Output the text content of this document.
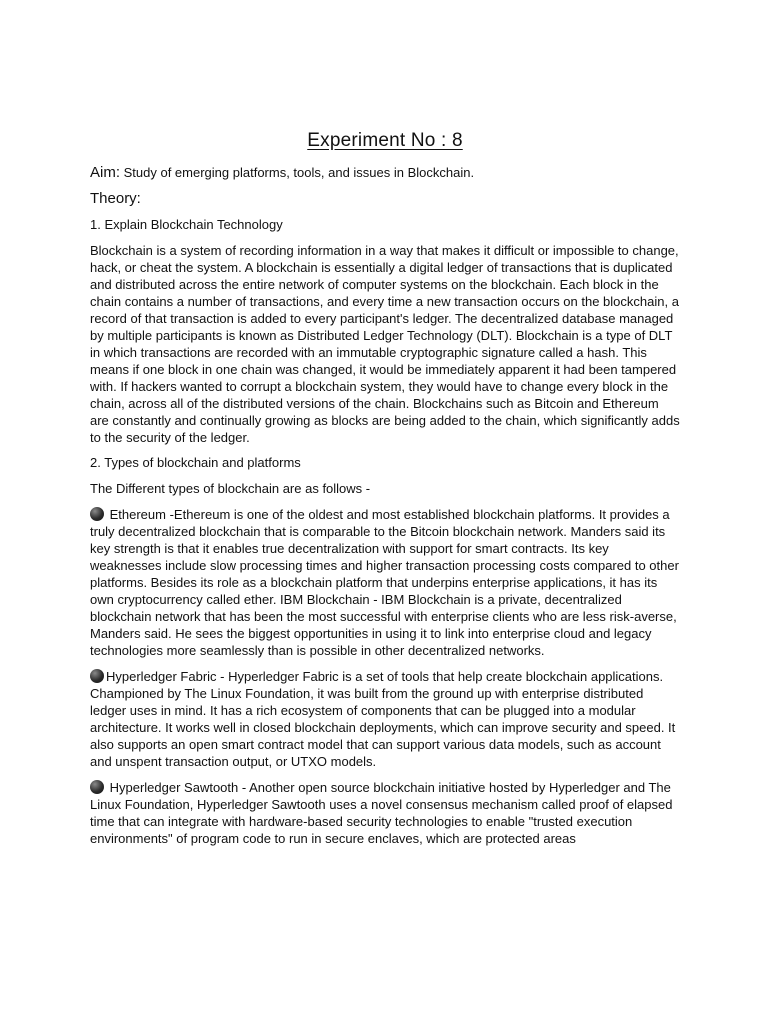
Experiment No : 8
Aim: Study of emerging platforms, tools, and issues in Blockchain.
Theory:
1. Explain Blockchain Technology

Blockchain is a system of recording information in a way that makes it difficult or impossible to change, hack, or cheat the system. A blockchain is essentially a digital ledger of transactions that is duplicated and distributed across the entire network of computer systems on the blockchain. Each block in the chain contains a number of transactions, and every time a new transaction occurs on the blockchain, a record of that transaction is added to every participant's ledger. The decentralized database managed by multiple participants is known as Distributed Ledger Technology (DLT). Blockchain is a type of DLT in which transactions are recorded with an immutable cryptographic signature called a hash. This means if one block in one chain was changed, it would be immediately apparent it had been tampered with. If hackers wanted to corrupt a blockchain system, they would have to change every block in the chain, across all of the distributed versions of the chain. Blockchains such as Bitcoin and Ethereum are constantly and continually growing as blocks are being added to the chain, which significantly adds to the security of the ledger.

2. Types of blockchain and platforms

The Different types of blockchain are as follows -

Ethereum -Ethereum is one of the oldest and most established blockchain platforms. It provides a truly decentralized blockchain that is comparable to the Bitcoin blockchain network. Manders said its key strength is that it enables true decentralization with support for smart contracts. Its key weaknesses include slow processing times and higher transaction processing costs compared to other platforms. Besides its role as a blockchain platform that underpins enterprise applications, it has its own cryptocurrency called ether. IBM Blockchain - IBM Blockchain is a private, decentralized blockchain network that has been the most successful with enterprise clients who are less risk-averse, Manders said. He sees the biggest opportunities in using it to link into enterprise cloud and legacy technologies more seamlessly than is possible in other decentralized networks.

Hyperledger Fabric - Hyperledger Fabric is a set of tools that help create blockchain applications. Championed by The Linux Foundation, it was built from the ground up with enterprise distributed ledger uses in mind. It has a rich ecosystem of components that can be plugged into a modular architecture. It works well in closed blockchain deployments, which can improve security and speed. It also supports an open smart contract model that can support various data models, such as account and unspent transaction output, or UTXO models.

Hyperledger Sawtooth - Another open source blockchain initiative hosted by Hyperledger and The Linux Foundation, Hyperledger Sawtooth uses a novel consensus mechanism called proof of elapsed time that can integrate with hardware-based security technologies to enable "trusted execution environments" of program code to run in secure enclaves, which are protected areas
